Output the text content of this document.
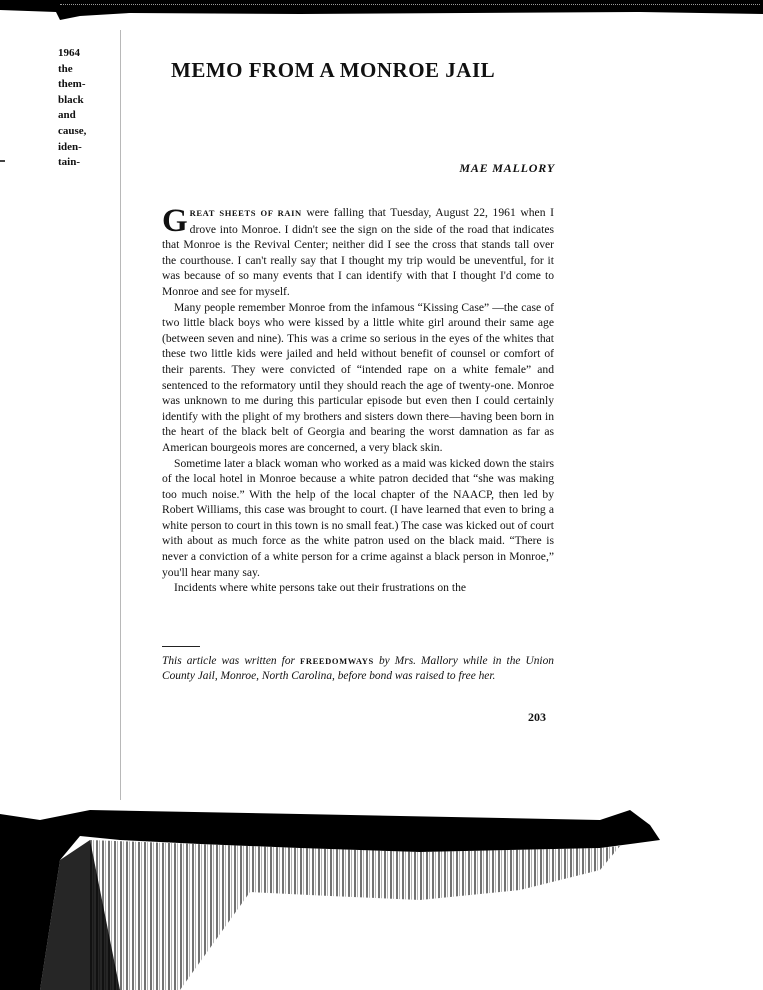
1964
the
them-
black
and
cause,
iden-
tain-
MEMO FROM A MONROE JAIL
MAE MALLORY

GREAT SHEETS OF RAIN were falling that Tuesday, August 22, 1961 when I drove into Monroe. I didn't see the sign on the side of the road that indicates that Monroe is the Revival Center; neither did I see the cross that stands tall over the courthouse. I can't really say that I thought my trip would be uneventful, for it was because of so many events that I can identify with that I thought I'd come to Monroe and see for myself.

Many people remember Monroe from the infamous “Kissing Case” —the case of two little black boys who were kissed by a little white girl around their same age (between seven and nine). This was a crime so serious in the eyes of the whites that these two little kids were jailed and held without benefit of counsel or comfort of their parents. They were convicted of “intended rape on a white female” and sentenced to the reformatory until they should reach the age of twenty-one. Monroe was unknown to me during this particular episode but even then I could certainly identify with the plight of my brothers and sisters down there—having been born in the heart of the black belt of Georgia and bearing the worst damnation as far as American bourgeois mores are concerned, a very black skin.

Sometime later a black woman who worked as a maid was kicked down the stairs of the local hotel in Monroe because a white patron decided that “she was making too much noise.” With the help of the local chapter of the NAACP, then led by Robert Williams, this case was brought to court. (I have learned that even to bring a white person to court in this town is no small feat.) The case was kicked out of court with about as much force as the white patron used on the black maid. “There is never a conviction of a white person for a crime against a black person in Monroe,” you'll hear many say.

Incidents where white persons take out their frustrations on the

This article was written for FREEDOMWAYS by Mrs. Mallory while in the Union County Jail, Monroe, North Carolina, before bond was raised to free her.
203
